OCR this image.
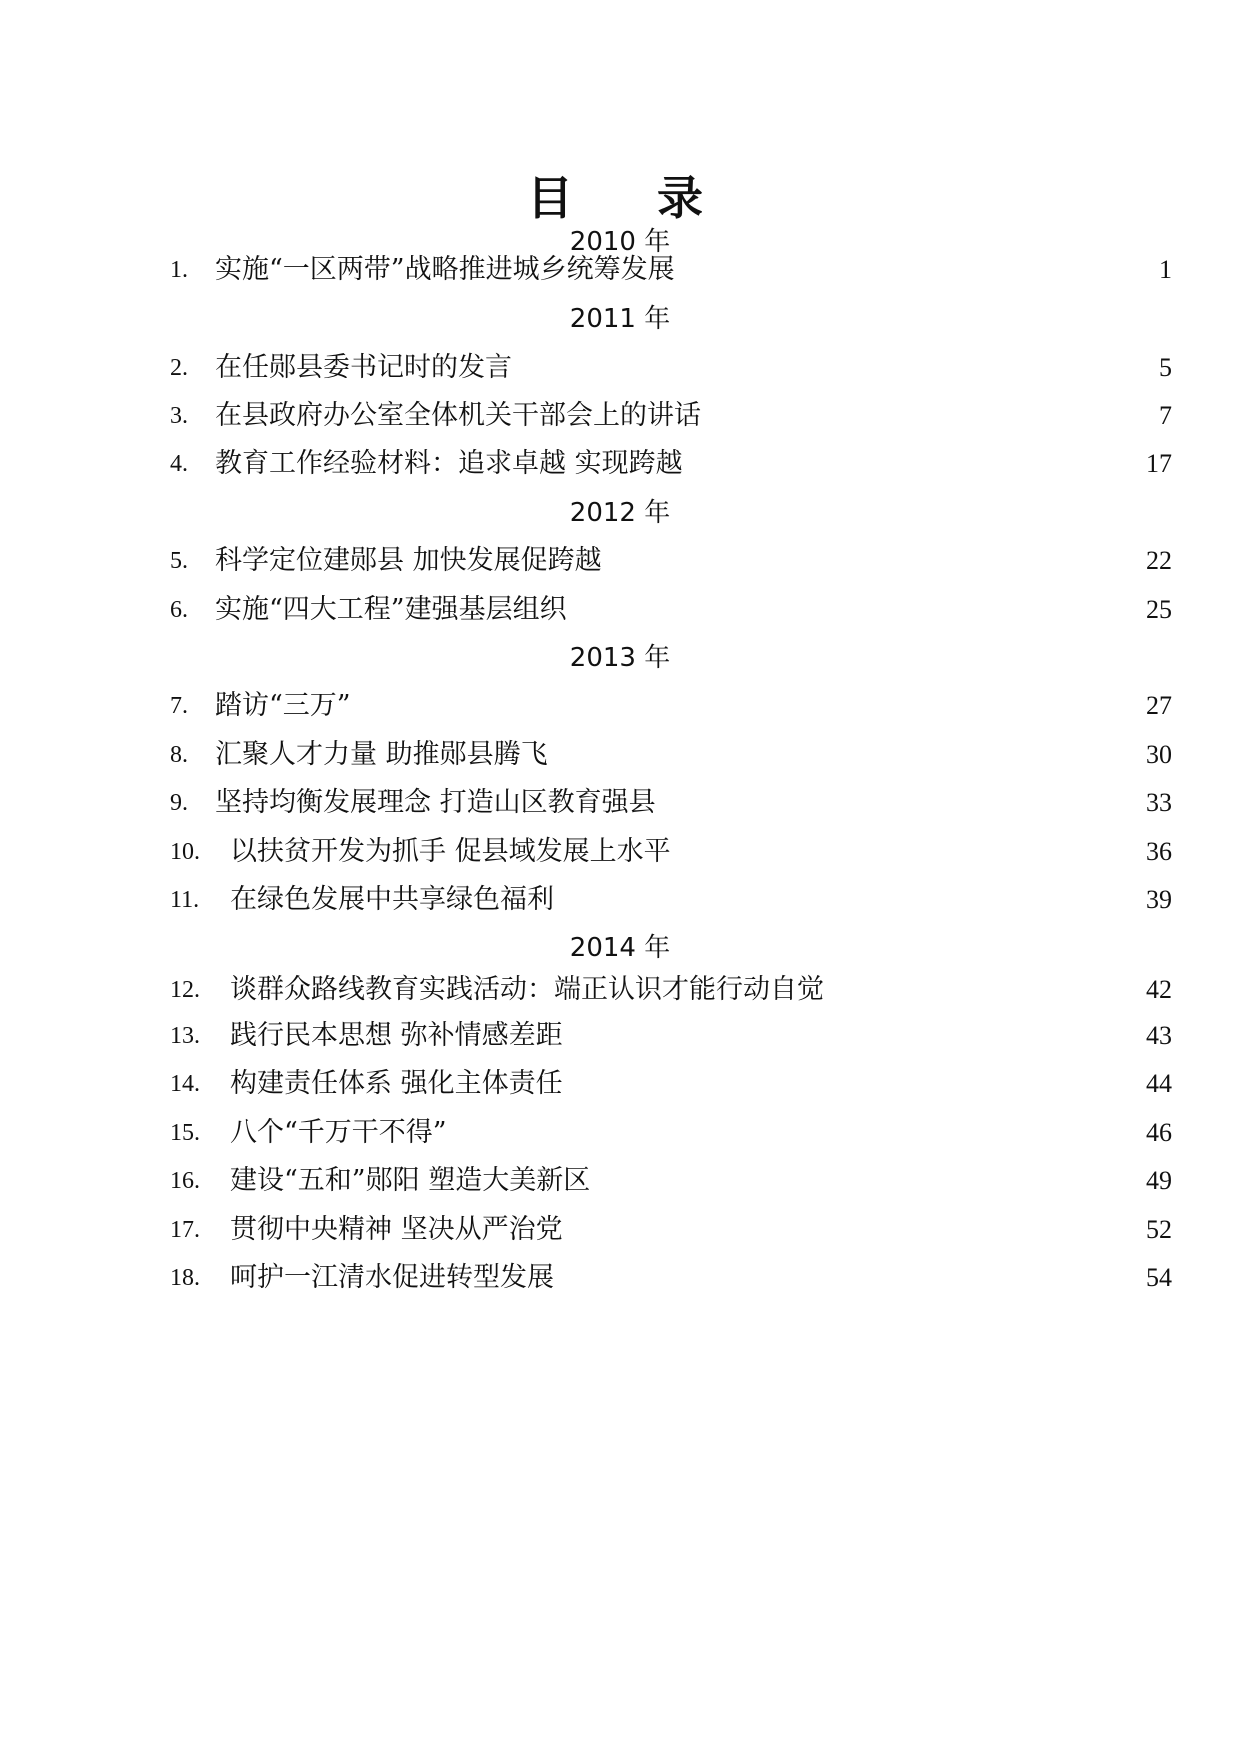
目 录
2010 年
1. 实施“一区两带”战略推进城乡统筹发展	1
2011 年
2. 在任郧县委书记时的发言	5
3. 在县政府办公室全体机关干部会上的讲话	7
4. 教育工作经验材料：追求卓越 实现跨越	17
2012 年
5. 科学定位建郧县 加快发展促跨越	22
6. 实施“四大工程”建强基层组织	25
2013 年
7. 踏访“三万”	27
8. 汇聚人才力量 助推郧县腾飞	30
9. 坚持均衡发展理念 打造山区教育强县	33
10. 以扶贫开发为抓手 促县域发展上水平	36
11. 在绿色发展中共享绿色福利	39
2014 年
12. 谈群众路线教育实践活动：端正认识才能行动自觉	42
13. 践行民本思想 弥补情感差距	43
14. 构建责任体系 强化主体责任	44
15. 八个“千万干不得”	46
16. 建设“五和”郧阳 塑造大美新区	49
17. 贯彻中央精神 坚决从严治党	52
18. 呵护一江清水促进转型发展	54
